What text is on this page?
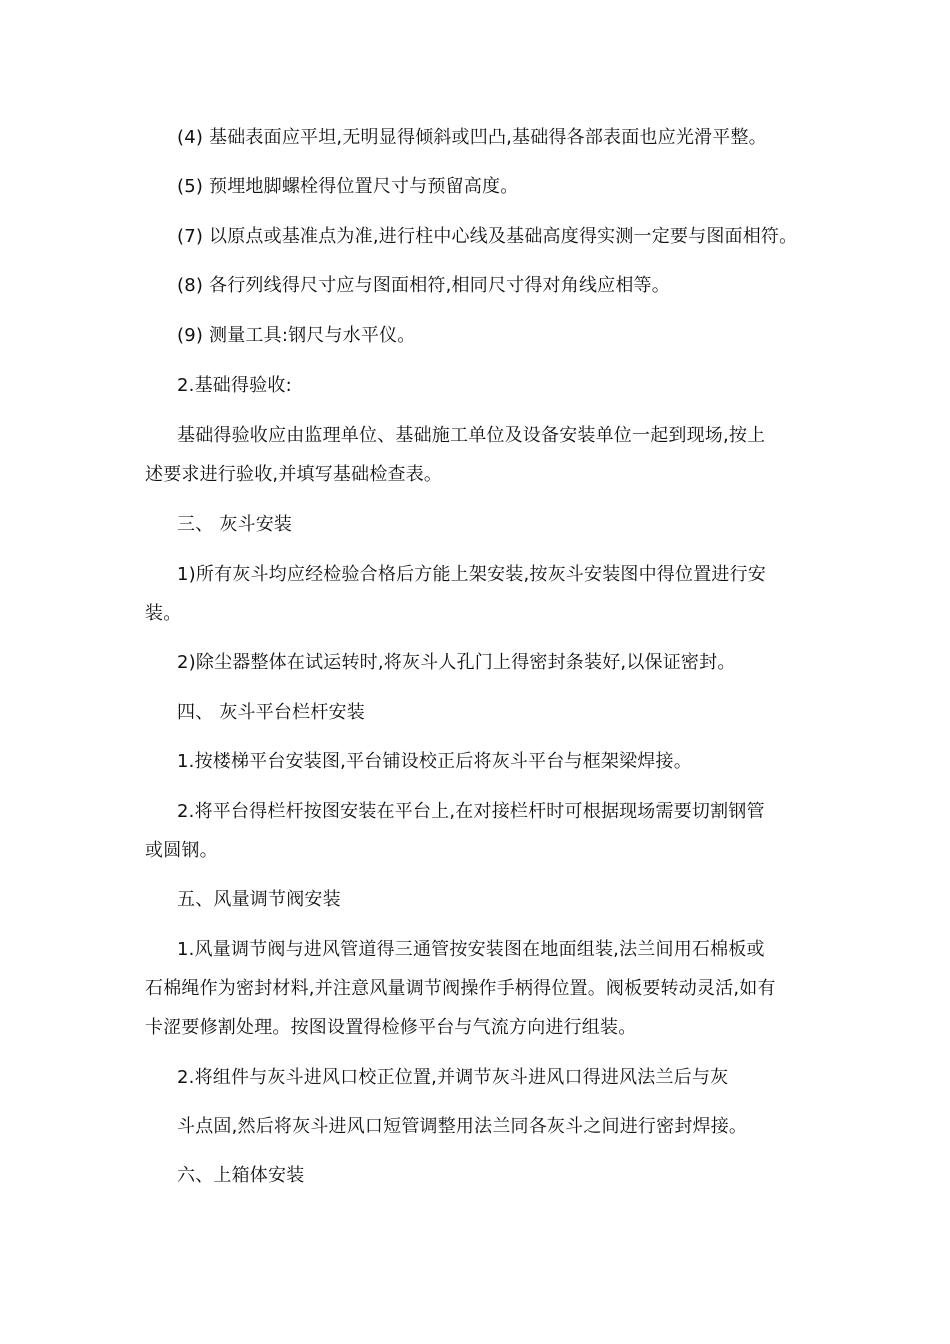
(4) 基础表面应平坦,无明显得倾斜或凹凸,基础得各部表面也应光滑平整。
(5) 预埋地脚螺栓得位置尺寸与预留高度。
(7) 以原点或基准点为准,进行柱中心线及基础高度得实测一定要与图面相符。
(8) 各行列线得尺寸应与图面相符,相同尺寸得对角线应相等。
(9) 测量工具:钢尺与水平仪。
2.基础得验收:
基础得验收应由监理单位、基础施工单位及设备安装单位一起到现场,按上
述要求进行验收,并填写基础检查表。
三、 灰斗安装
1)所有灰斗均应经检验合格后方能上架安装,按灰斗安装图中得位置进行安
装。
2)除尘器整体在试运转时,将灰斗人孔门上得密封条装好,以保证密封。
四、 灰斗平台栏杆安装
1.按楼梯平台安装图,平台铺设校正后将灰斗平台与框架梁焊接。
2.将平台得栏杆按图安装在平台上,在对接栏杆时可根据现场需要切割钢管
或圆钢。
五、风量调节阀安装
1.风量调节阀与进风管道得三通管按安装图在地面组装,法兰间用石棉板或
石棉绳作为密封材料,并注意风量调节阀操作手柄得位置。阀板要转动灵活,如有
卡涩要修割处理。按图设置得检修平台与气流方向进行组装。
2.将组件与灰斗进风口校正位置,并调节灰斗进风口得进风法兰后与灰
斗点固,然后将灰斗进风口短管调整用法兰同各灰斗之间进行密封焊接。
六、上箱体安装
